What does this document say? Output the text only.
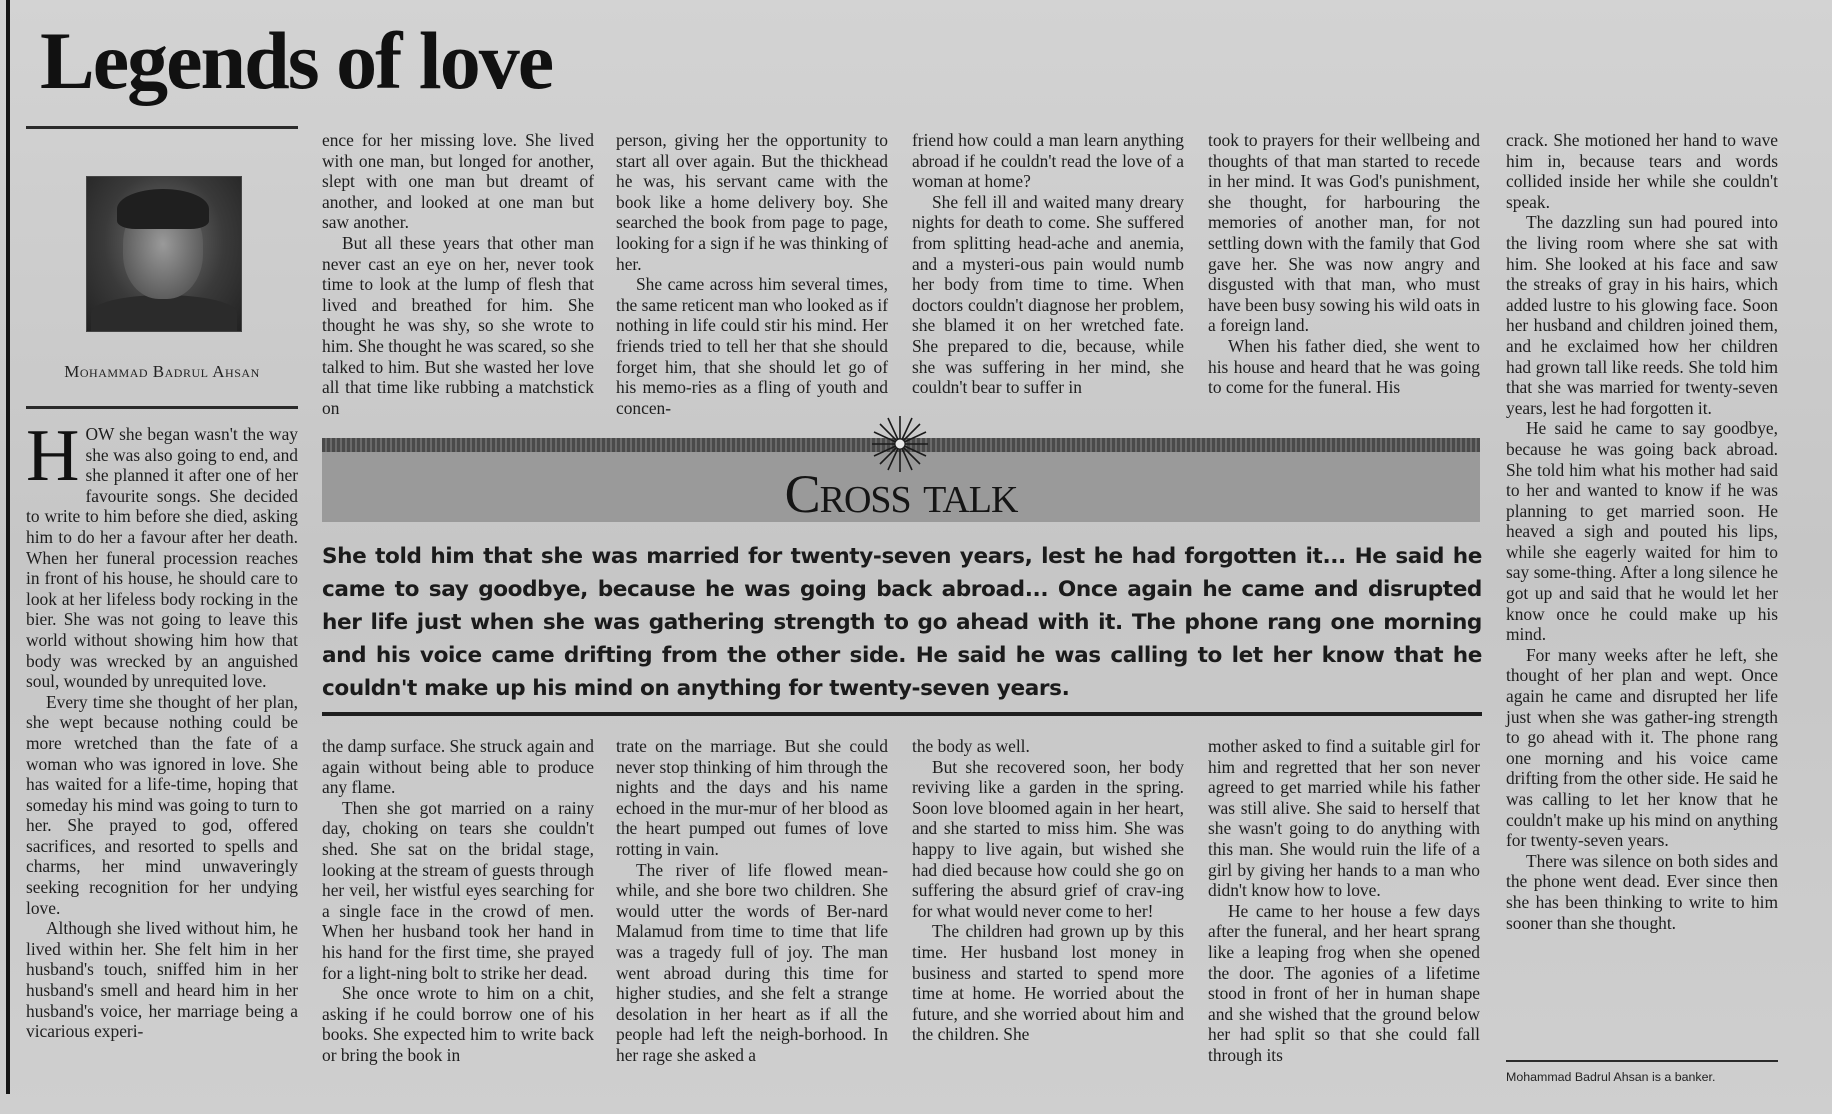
Legends of love
Mohammad Badrul Ahsan

HOW she began wasn't the way she was also going to end, and she planned it after one of her favourite songs. She decided to write to him before she died, asking him to do her a favour after her death. When her funeral procession reaches in front of his house, he should care to look at her lifeless body rocking in the bier. She was not going to leave this world without showing him how that body was wrecked by an anguished soul, wounded by unrequited love.

Every time she thought of her plan, she wept because nothing could be more wretched than the fate of a woman who was ignored in love. She has waited for a life-time, hoping that someday his mind was going to turn to her. She prayed to god, offered sacrifices, and resorted to spells and charms, her mind unwaveringly seeking recognition for her undying love.

Although she lived without him, he lived within her. She felt him in her husband's touch, sniffed him in her husband's smell and heard him in her husband's voice, her marriage being a vicarious experi-

ence for her missing love. She lived with one man, but longed for another, slept with one man but dreamt of another, and looked at one man but saw another.

But all these years that other man never cast an eye on her, never took time to look at the lump of flesh that lived and breathed for him. She thought he was shy, so she wrote to him. She thought he was scared, so she talked to him. But she wasted her love all that time like rubbing a matchstick on

person, giving her the opportunity to start all over again. But the thickhead he was, his servant came with the book like a home delivery boy. She searched the book from page to page, looking for a sign if he was thinking of her.

She came across him several times, the same reticent man who looked as if nothing in life could stir his mind. Her friends tried to tell her that she should forget him, that she should let go of his memo-ries as a fling of youth and concen-

friend how could a man learn anything abroad if he couldn't read the love of a woman at home?

She fell ill and waited many dreary nights for death to come. She suffered from splitting head-ache and anemia, and a mysteri-ous pain would numb her body from time to time. When doctors couldn't diagnose her problem, she blamed it on her wretched fate. She prepared to die, because, while she was suffering in her mind, she couldn't bear to suffer in

took to prayers for their wellbeing and thoughts of that man started to recede in her mind. It was God's punishment, she thought, for harbouring the memories of another man, for not settling down with the family that God gave her. She was now angry and disgusted with that man, who must have been busy sowing his wild oats in a foreign land.

When his father died, she went to his house and heard that he was going to come for the funeral. His

Cross talk
She told him that she was married for twenty-seven years, lest he had forgotten it... He said he came to say goodbye, because he was going back abroad... Once again he came and disrupted her life just when she was gathering strength to go ahead with it. The phone rang one morning and his voice came drifting from the other side. He said he was calling to let her know that he couldn't make up his mind on anything for twenty-seven years.

the damp surface. She struck again and again without being able to produce any flame.

Then she got married on a rainy day, choking on tears she couldn't shed. She sat on the bridal stage, looking at the stream of guests through her veil, her wistful eyes searching for a single face in the crowd of men. When her husband took her hand in his hand for the first time, she prayed for a light-ning bolt to strike her dead.

She once wrote to him on a chit, asking if he could borrow one of his books. She expected him to write back or bring the book in

trate on the marriage. But she could never stop thinking of him through the nights and the days and his name echoed in the mur-mur of her blood as the heart pumped out fumes of love rotting in vain.

The river of life flowed mean-while, and she bore two children. She would utter the words of Ber-nard Malamud from time to time that life was a tragedy full of joy. The man went abroad during this time for higher studies, and she felt a strange desolation in her heart as if all the people had left the neigh-borhood. In her rage she asked a

the body as well.

But she recovered soon, her body reviving like a garden in the spring. Soon love bloomed again in her heart, and she started to miss him. She was happy to live again, but wished she had died because how could she go on suffering the absurd grief of crav-ing for what would never come to her!

The children had grown up by this time. Her husband lost money in business and started to spend more time at home. He worried about the future, and she worried about him and the children. She

mother asked to find a suitable girl for him and regretted that her son never agreed to get married while his father was still alive. She said to herself that she wasn't going to do anything with this man. She would ruin the life of a girl by giving her hands to a man who didn't know how to love.

He came to her house a few days after the funeral, and her heart sprang like a leaping frog when she opened the door. The agonies of a lifetime stood in front of her in human shape and she wished that the ground below her had split so that she could fall through its

crack. She motioned her hand to wave him in, because tears and words collided inside her while she couldn't speak.

The dazzling sun had poured into the living room where she sat with him. She looked at his face and saw the streaks of gray in his hairs, which added lustre to his glowing face. Soon her husband and children joined them, and he exclaimed how her children had grown tall like reeds. She told him that she was married for twenty-seven years, lest he had forgotten it.

He said he came to say goodbye, because he was going back abroad. She told him what his mother had said to her and wanted to know if he was planning to get married soon. He heaved a sigh and pouted his lips, while she eagerly waited for him to say some-thing. After a long silence he got up and said that he would let her know once he could make up his mind.

For many weeks after he left, she thought of her plan and wept. Once again he came and disrupted her life just when she was gather-ing strength to go ahead with it. The phone rang one morning and his voice came drifting from the other side. He said he was calling to let her know that he couldn't make up his mind on anything for twenty-seven years.

There was silence on both sides and the phone went dead. Ever since then she has been thinking to write to him sooner than she thought.

Mohammad Badrul Ahsan is a banker.
